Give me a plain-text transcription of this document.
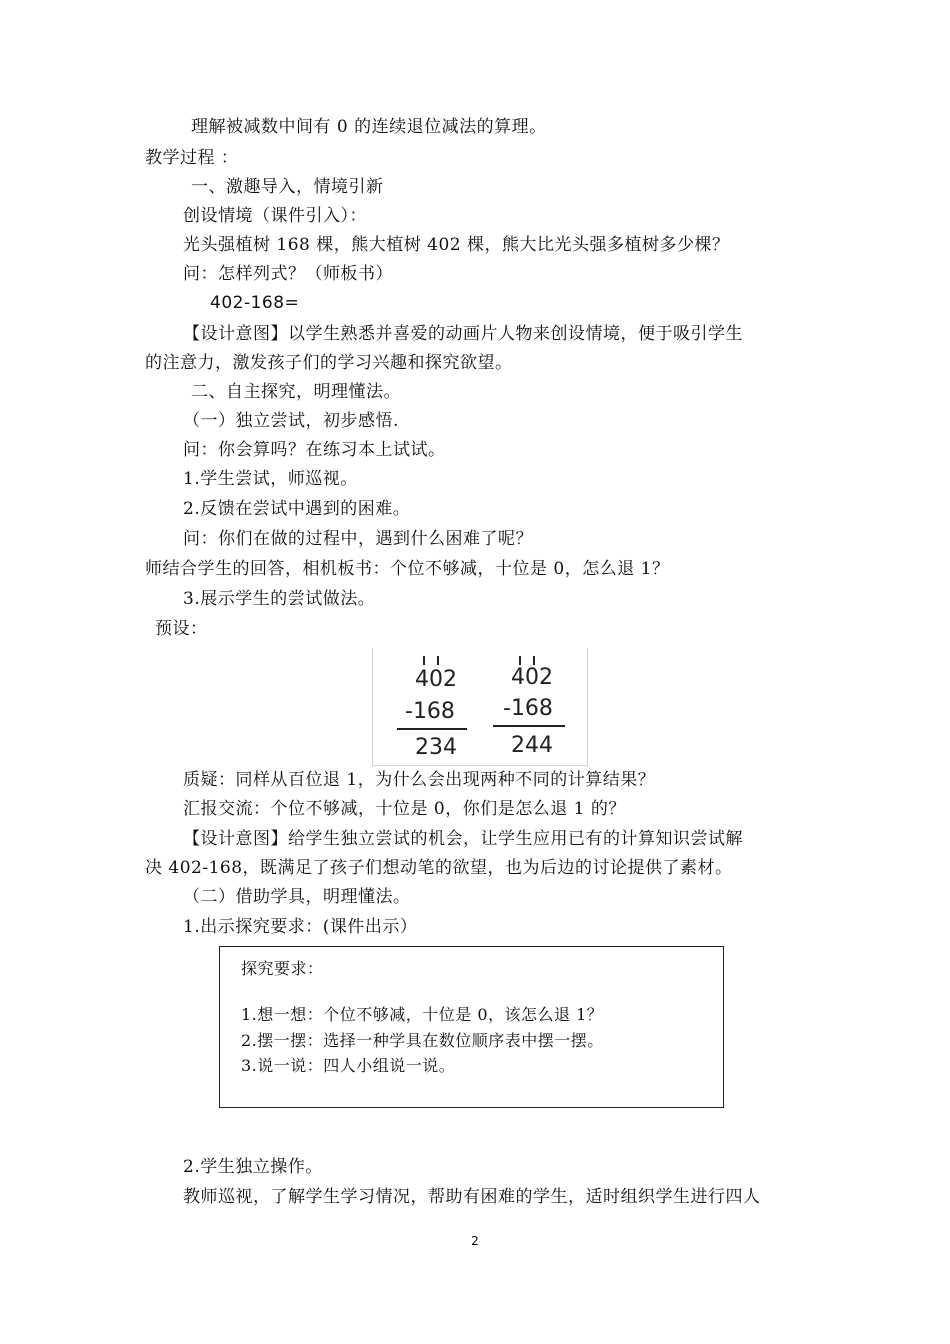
理解被减数中间有 0 的连续退位减法的算理。
教学过程 ：
一、激趣导入，情境引新
创设情境（课件引入）：
光头强植树 168 棵，熊大植树 402 棵，熊大比光头强多植树多少棵？
问：怎样列式？（师板书）
402-168=
【设计意图】以学生熟悉并喜爱的动画片人物来创设情境，便于吸引学生
的注意力，激发孩子们的学习兴趣和探究欲望。
二、自主探究，明理懂法。
（一）独立尝试，初步感悟.
问：你会算吗？在练习本上试试。
1.学生尝试，师巡视。
2.反馈在尝试中遇到的困难。
问：你们在做的过程中，遇到什么困难了呢？
师结合学生的回答，相机板书：个位不够减，十位是 0，怎么退 1？
3.展示学生的尝试做法。
预设：
402
-168
234
402
-168
244
质疑：同样从百位退 1，为什么会出现两种不同的计算结果？
汇报交流：个位不够减，十位是 0，你们是怎么退 1 的？
【设计意图】给学生独立尝试的机会，让学生应用已有的计算知识尝试解
决 402-168，既满足了孩子们想动笔的欲望，也为后边的讨论提供了素材。
（二）借助学具，明理懂法。
1.出示探究要求：(课件出示）
探究要求：
1.想一想：个位不够减，十位是 0，该怎么退 1？
2.摆一摆：选择一种学具在数位顺序表中摆一摆。
3.说一说：四人小组说一说。
2.学生独立操作。
教师巡视，了解学生学习情况，帮助有困难的学生，适时组织学生进行四人
2
